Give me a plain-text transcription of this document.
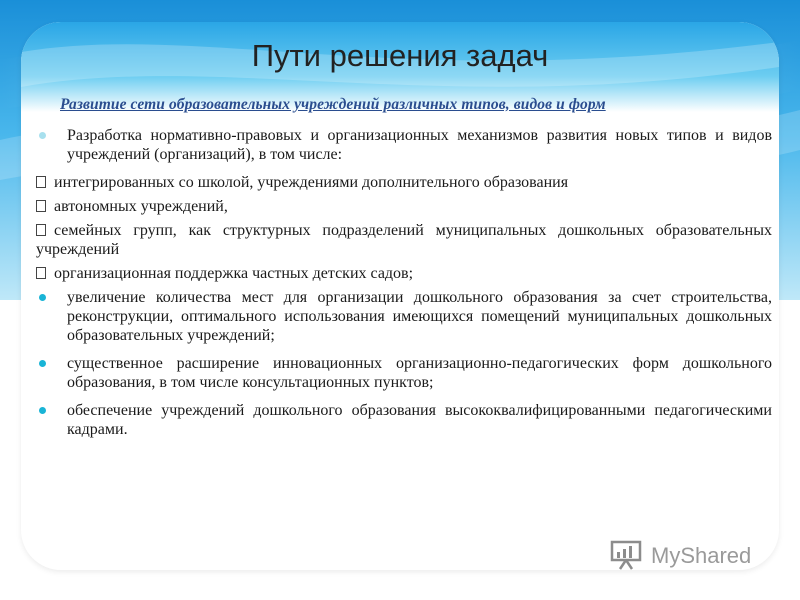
Пути решения задач
Развитие сети образовательных учреждений различных типов, видов и форм
Разработка нормативно-правовых и организационных механизмов развития новых типов и видов учреждений (организаций), в том числе:
интегрированных со школой, учреждениями дополнительного образования
автономных учреждений,
семейных групп, как структурных подразделений муниципальных дошкольных образовательных учреждений
организационная поддержка частных детских садов;
увеличение количества мест для организации дошкольного образования за счет строительства, реконструкции, оптимального использования имеющихся помещений муниципальных дошкольных образовательных учреждений;
существенное расширение инновационных организационно-педагогических форм дошкольного образования, в том числе консультационных пунктов;
обеспечение учреждений дошкольного образования высококвалифицированными педагогическими кадрами.
MyShared
